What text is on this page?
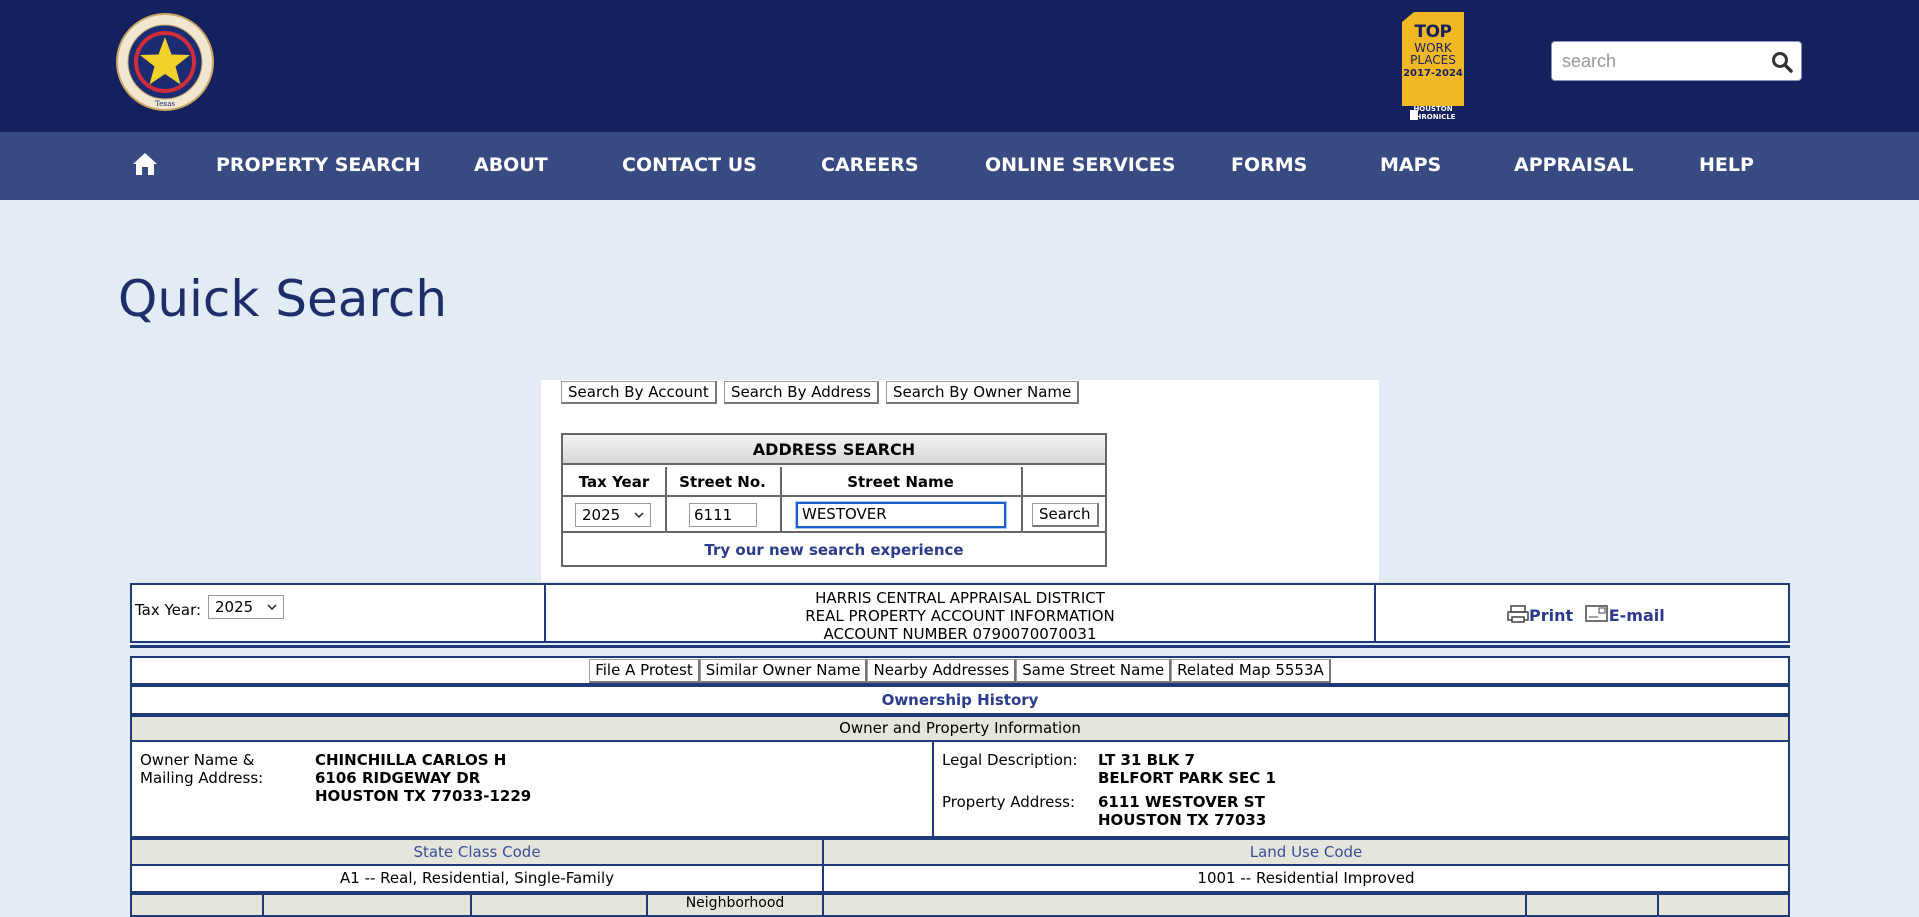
Texas
TOP
WORK
PLACES
2017-2024
HOUSTON CHRONICLE
search
PROPERTY SEARCH	ABOUT	CONTACT US	CAREERS	ONLINE SERVICES	FORMS	MAPS	APPRAISAL	HELP
Quick Search
Search By Account	Search By Address	Search By Owner Name
ADDRESS SEARCH
Tax Year	Street No.	Street Name
2025	6111	WESTOVER	Search
Try our new search experience
Tax Year: 2025	HARRIS CENTRAL APPRAISAL DISTRICT
REAL PROPERTY ACCOUNT INFORMATION
ACCOUNT NUMBER 0790070070031
Print E-mail
File A Protest Similar Owner Name Nearby Addresses Same Street Name Related Map 5553A
Ownership History
Owner and Property Information
Owner Name &
Mailing Address:
CHINCHILLA CARLOS H
6106 RIDGEWAY DR
HOUSTON TX 77033-1229
Legal Description: LT 31 BLK 7
BELFORT PARK SEC 1
Property Address: 6111 WESTOVER ST
HOUSTON TX 77033
State Class Code	Land Use Code
A1 -- Real, Residential, Single-Family	1001 -- Residential Improved
Neighborhood
